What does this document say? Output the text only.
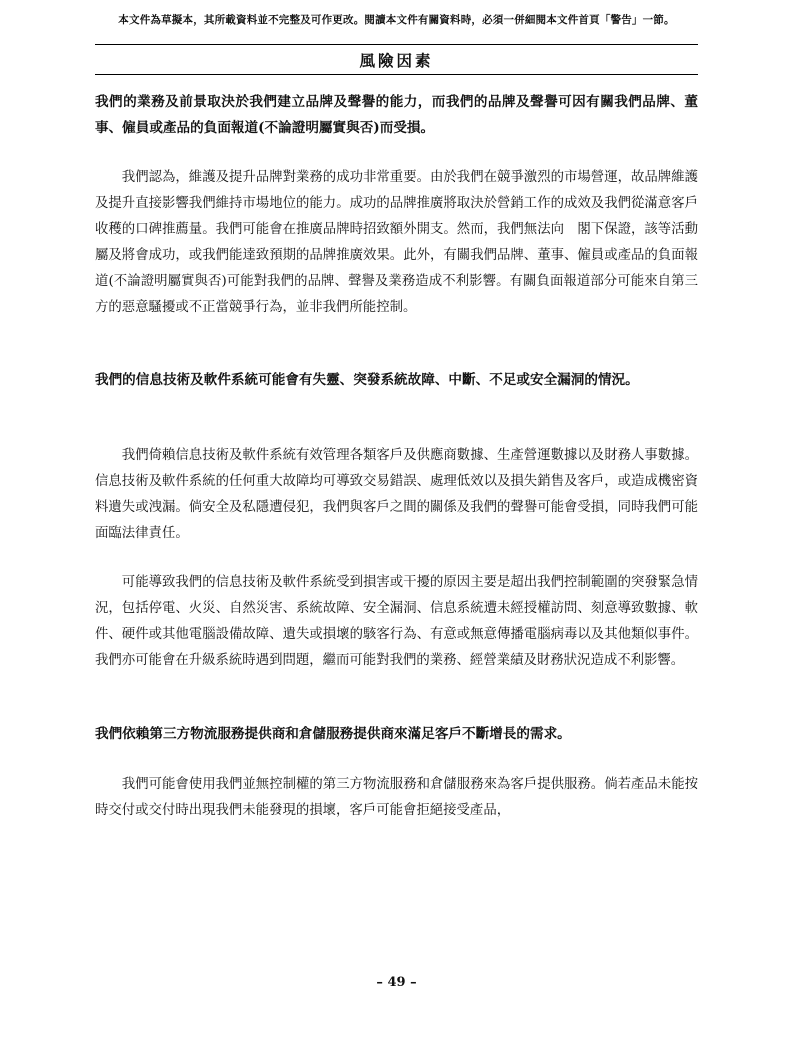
本文件為草擬本，其所載資料並不完整及可作更改。閱讀本文件有關資料時，必須一併細閱本文件首頁「警告」一節。
風險因素

我們的業務及前景取決於我們建立品牌及聲譽的能力，而我們的品牌及聲譽可因有關我們品牌、董事、僱員或產品的負面報道(不論證明屬實與否)而受損。

我們認為，維護及提升品牌對業務的成功非常重要。由於我們在競爭激烈的市場營運，故品牌維護及提升直接影響我們維持市場地位的能力。成功的品牌推廣將取決於營銷工作的成效及我們從滿意客戶收穫的口碑推薦量。我們可能會在推廣品牌時招致額外開支。然而，我們無法向　閣下保證，該等活動屬及將會成功，或我們能達致預期的品牌推廣效果。此外，有關我們品牌、董事、僱員或產品的負面報道(不論證明屬實與否)可能對我們的品牌、聲譽及業務造成不利影響。有關負面報道部分可能來自第三方的惡意騷擾或不正當競爭行為，並非我們所能控制。

我們的信息技術及軟件系統可能會有失靈、突發系統故障、中斷、不足或安全漏洞的情況。

我們倚賴信息技術及軟件系統有效管理各類客戶及供應商數據、生產營運數據以及財務人事數據。信息技術及軟件系統的任何重大故障均可導致交易錯誤、處理低效以及損失銷售及客戶，或造成機密資料遺失或洩漏。倘安全及私隱遭侵犯，我們與客戶之間的關係及我們的聲譽可能會受損，同時我們可能面臨法律責任。

可能導致我們的信息技術及軟件系統受到損害或干擾的原因主要是超出我們控制範圍的突發緊急情況，包括停電、火災、自然災害、系統故障、安全漏洞、信息系統遭未經授權訪問、刻意導致數據、軟件、硬件或其他電腦設備故障、遺失或損壞的駭客行為、有意或無意傳播電腦病毒以及其他類似事件。我們亦可能會在升級系統時遇到問題，繼而可能對我們的業務、經營業績及財務狀況造成不利影響。

我們依賴第三方物流服務提供商和倉儲服務提供商來滿足客戶不斷增長的需求。

我們可能會使用我們並無控制權的第三方物流服務和倉儲服務來為客戶提供服務。倘若產品未能按時交付或交付時出現我們未能發現的損壞，客戶可能會拒絕接受產品，

– 49 –
